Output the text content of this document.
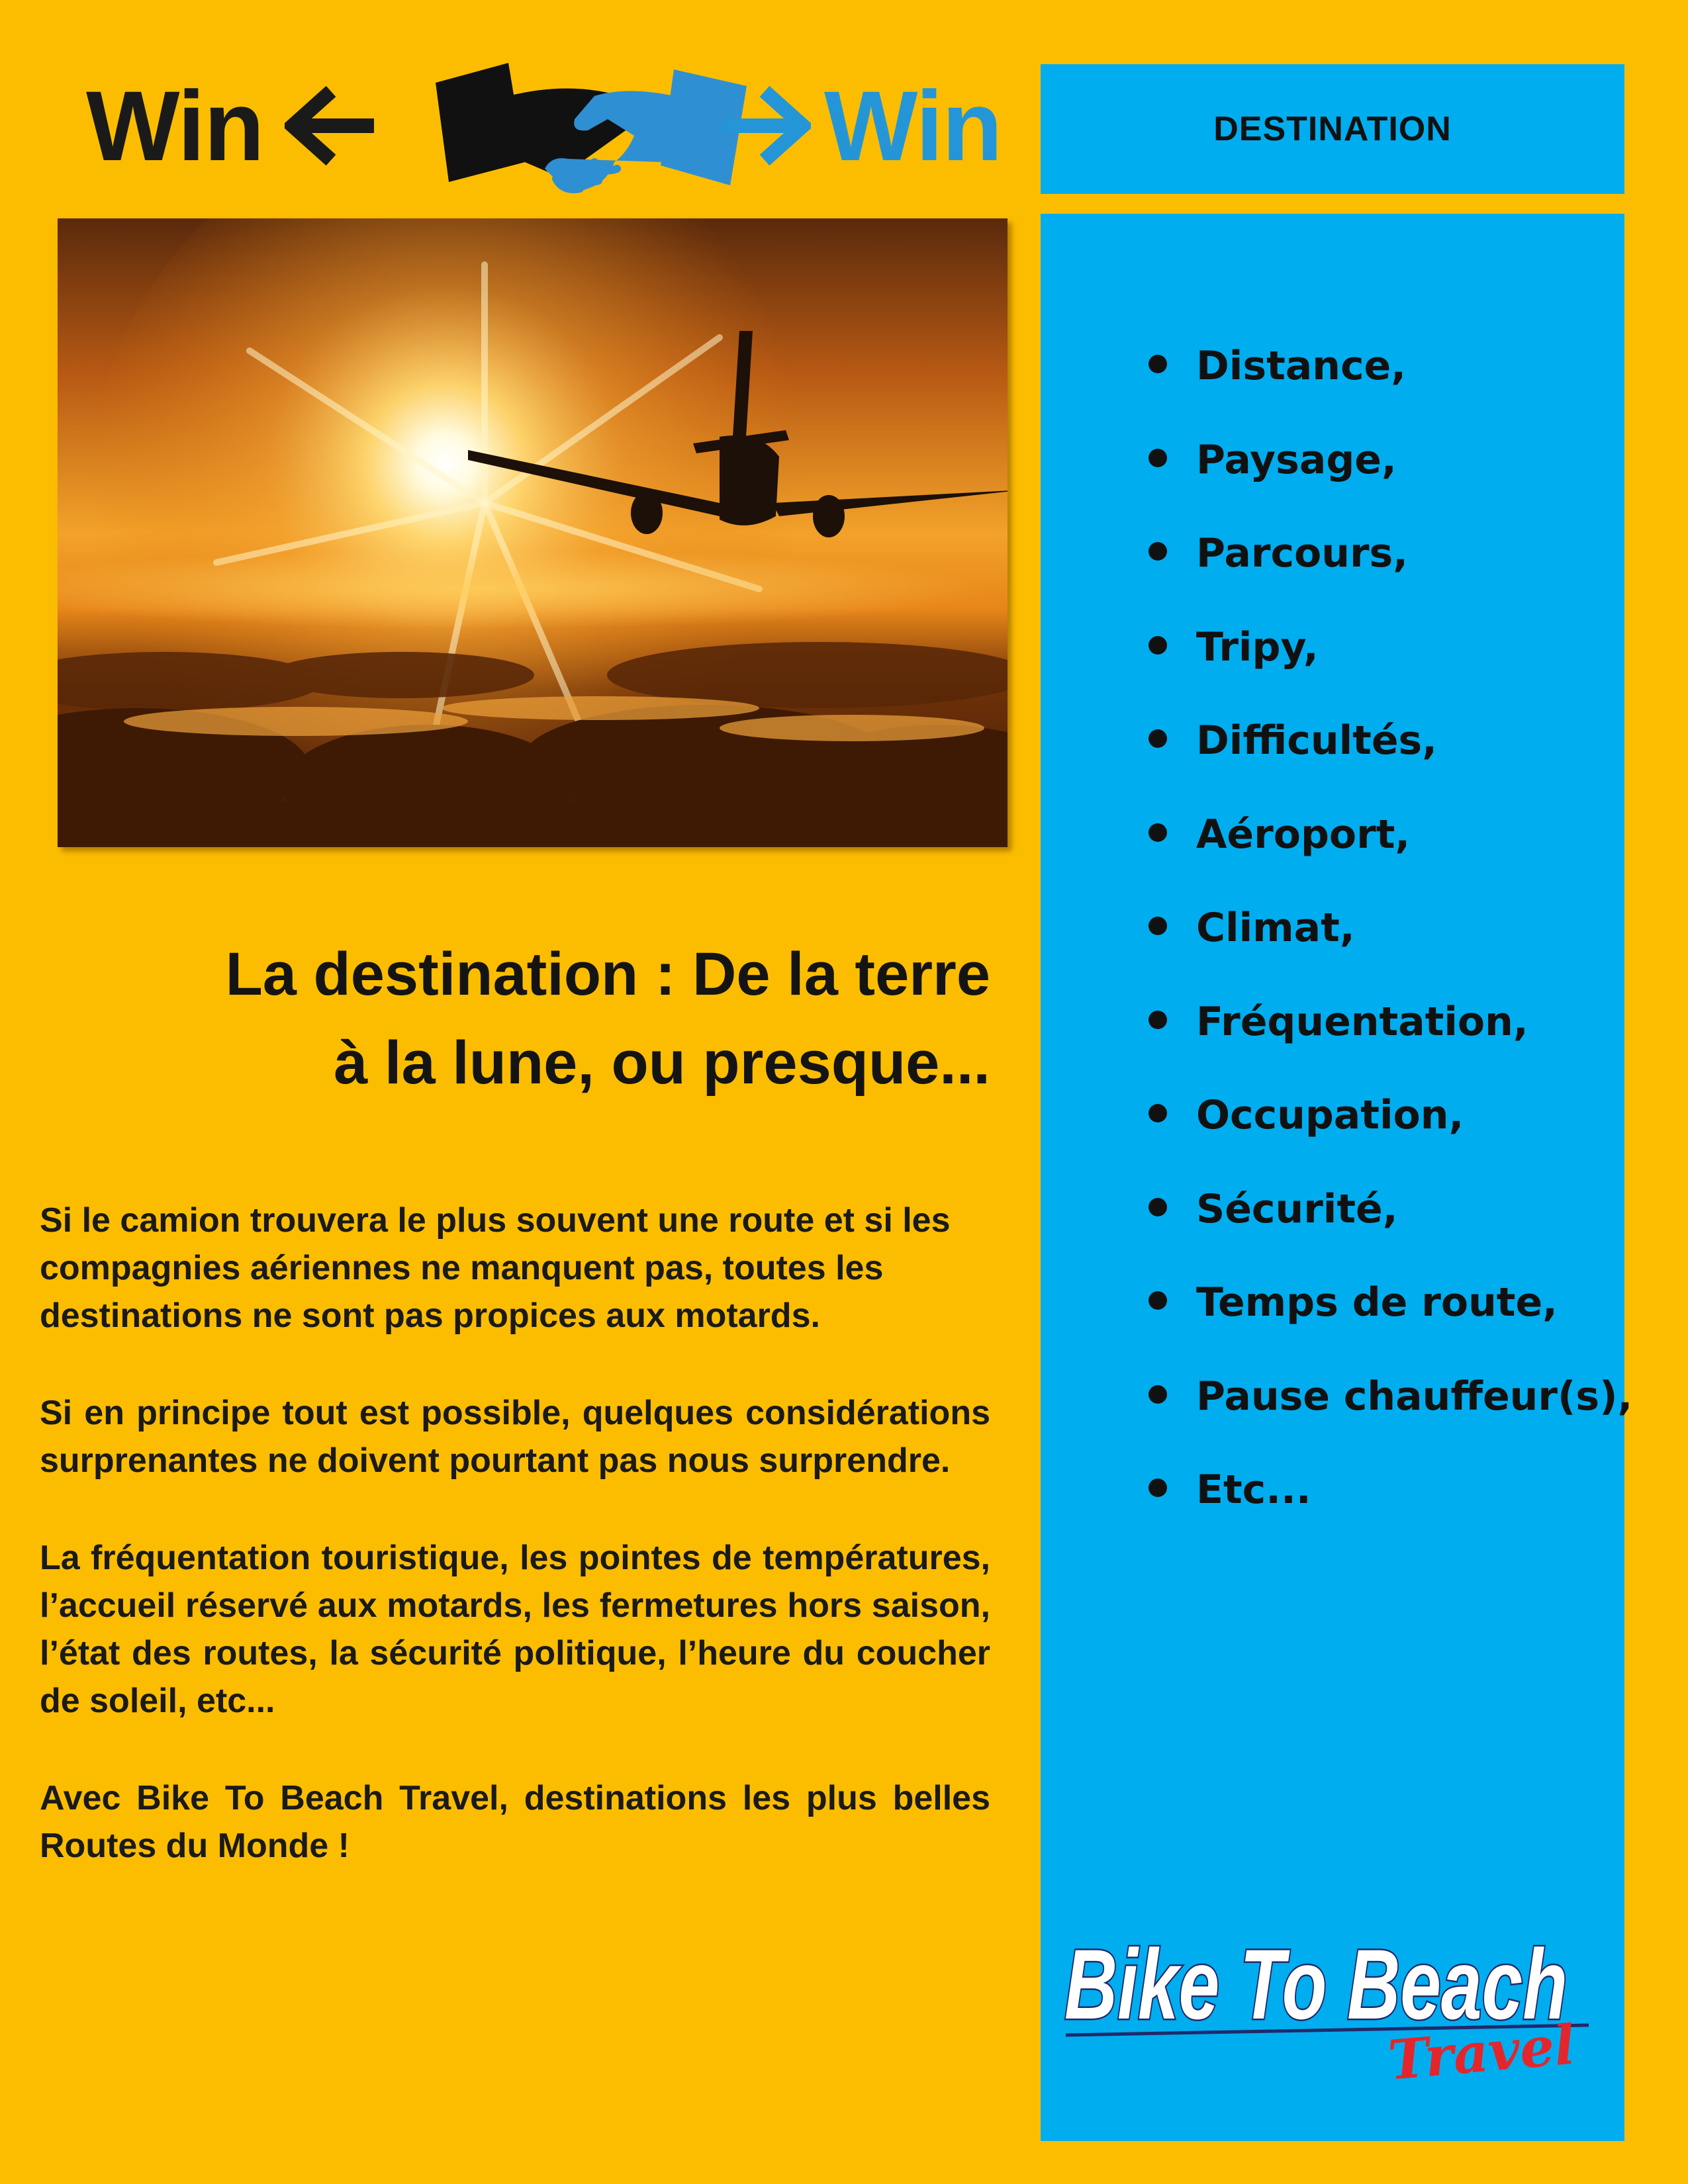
Win	Win
La destination : De la terre
à la lune, ou presque...

Si le camion trouvera le plus souvent une route et si les compagnies aériennes ne manquent pas, toutes les destinations ne sont pas propices aux motards.

Si en principe tout est possible, quelques considérations surprenantes ne doivent pourtant pas nous surprendre.

La fréquentation touristique, les pointes de températures, l’accueil réservé aux motards, les fermetures hors saison, l’état des routes, la sécurité politique, l’heure du coucher de soleil, etc...

Avec Bike To Beach Travel, destinations les plus belles Routes du Monde !

DESTINATION
Distance,
Paysage,
Parcours,
Tripy,
Difficultés,
Aéroport,
Climat,
Fréquentation,
Occupation,
Sécurité,
Temps de route,
Pause chauffeur(s),
Etc...
Bike To Beach
Travel
